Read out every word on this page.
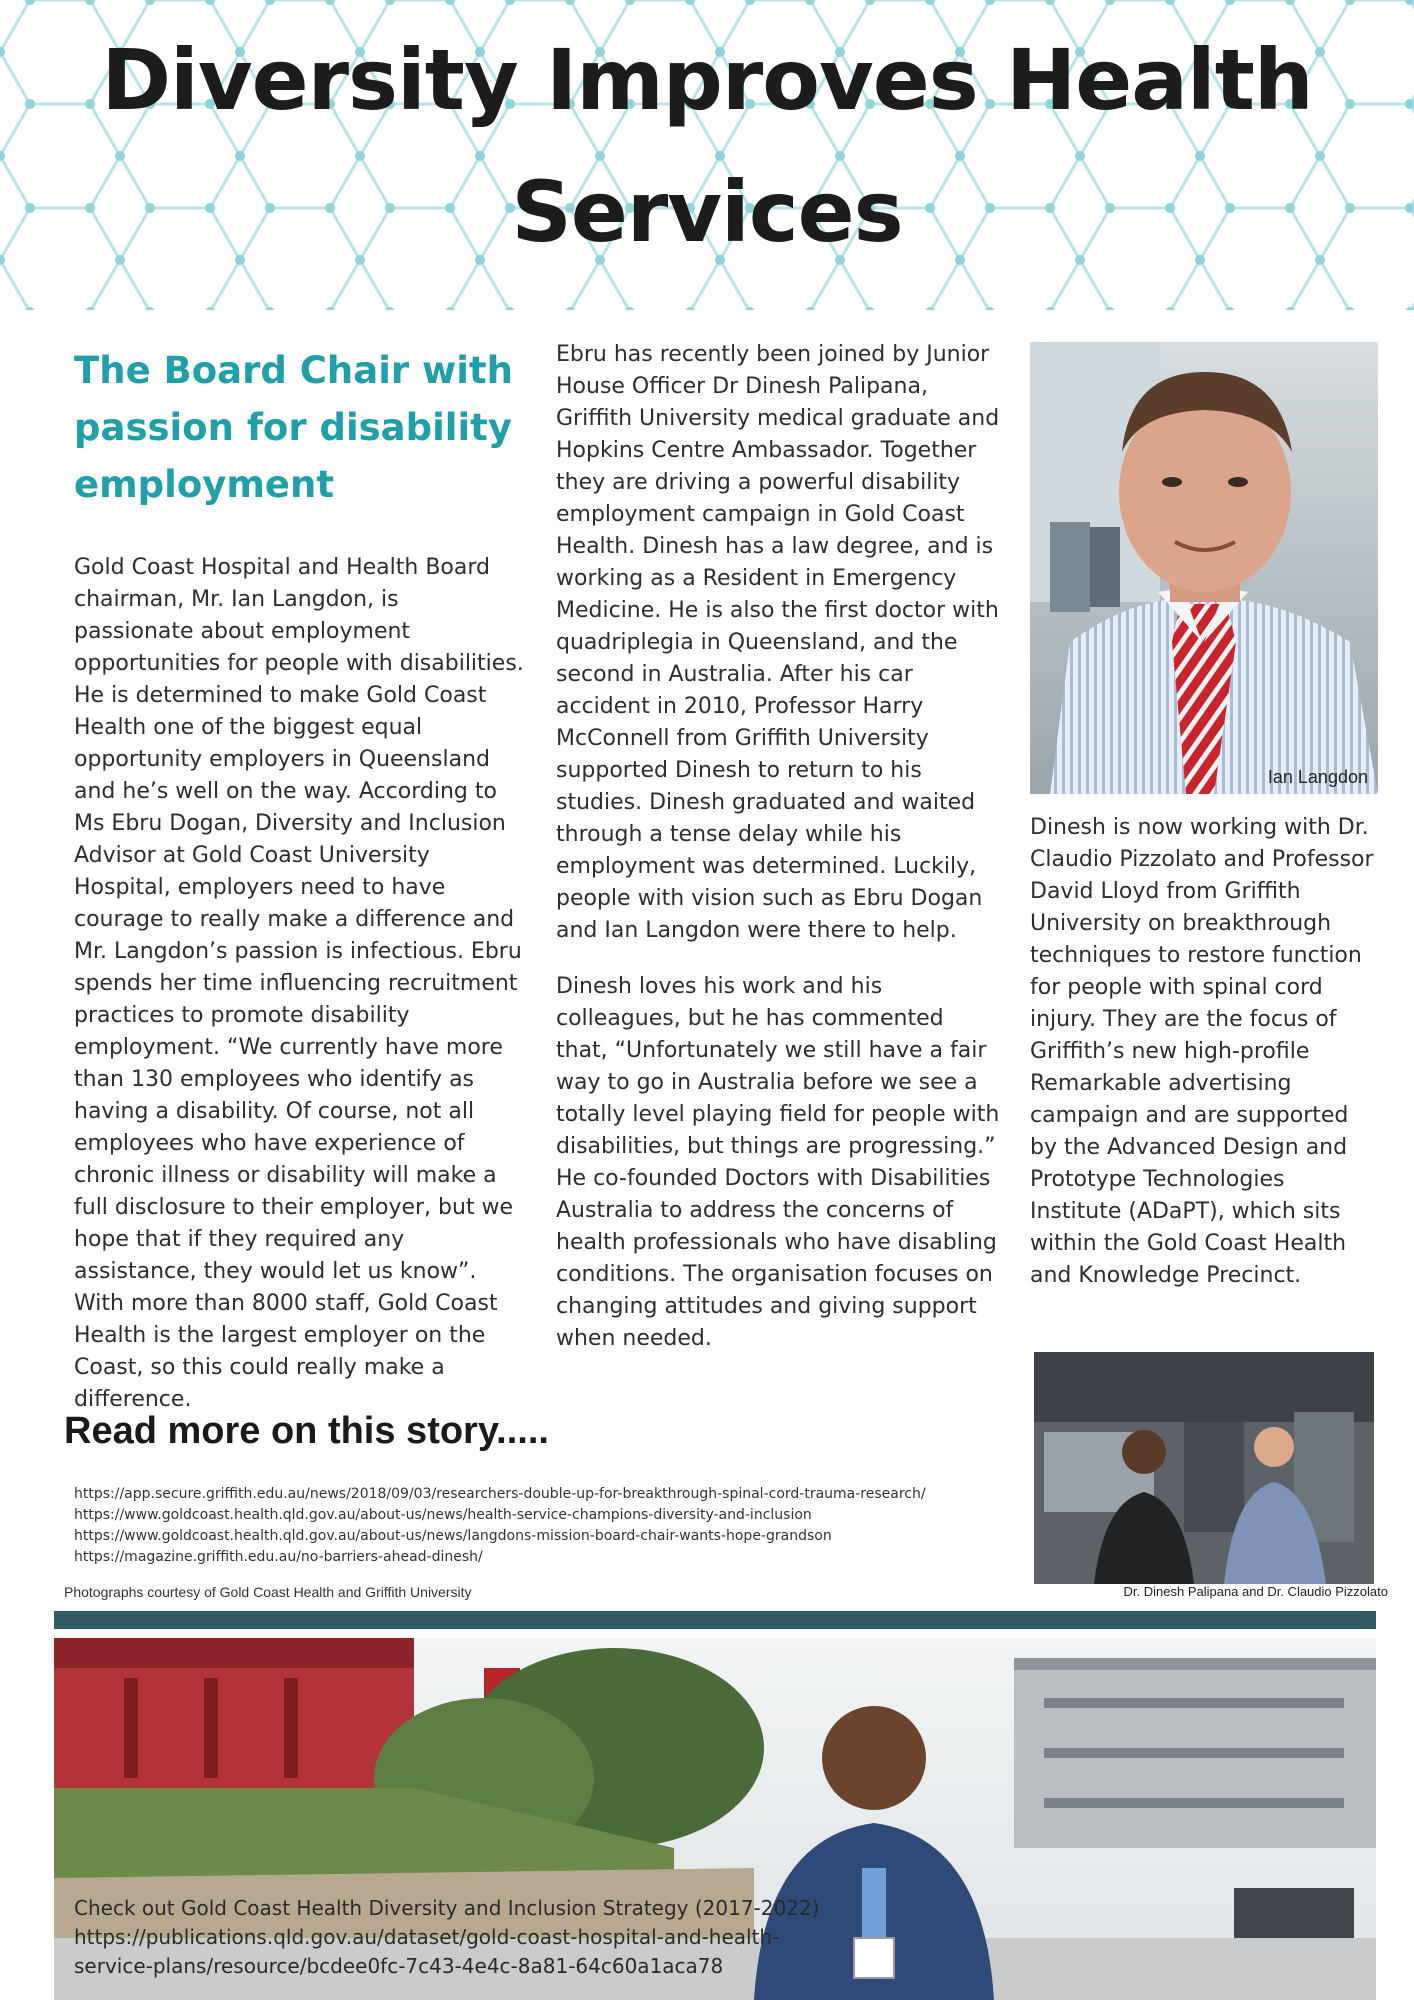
Diversity Improves Health
Services
The Board Chair with passion for disability employment

Gold Coast Hospital and Health Board chairman, Mr. Ian Langdon, is passionate about employment opportunities for people with disabilities. He is determined to make Gold Coast Health one of the biggest equal opportunity employers in Queensland and he’s well on the way. According to Ms Ebru Dogan, Diversity and Inclusion Advisor at Gold Coast University Hospital, employers need to have courage to really make a difference and Mr. Langdon’s passion is infectious. Ebru spends her time influencing recruitment practices to promote disability employment. “We currently have more than 130 employees who identify as having a disability. Of course, not all employees who have experience of chronic illness or disability will make a full disclosure to their employer, but we hope that if they required any assistance, they would let us know”. With more than 8000 staff, Gold Coast Health is the largest employer on the Coast, so this could really make a difference.

Ebru has recently been joined by Junior House Officer Dr Dinesh Palipana, Griffith University medical graduate and Hopkins Centre Ambassador. Together they are driving a powerful disability employment campaign in Gold Coast Health. Dinesh has a law degree, and is working as a Resident in Emergency Medicine. He is also the first doctor with quadriplegia in Queensland, and the second in Australia. After his car accident in 2010, Professor Harry McConnell from Griffith University supported Dinesh to return to his studies. Dinesh graduated and waited through a tense delay while his employment was determined. Luckily, people with vision such as Ebru Dogan and Ian Langdon were there to help.

Dinesh loves his work and his colleagues, but he has commented that, “Unfortunately we still have a fair way to go in Australia before we see a totally level playing field for people with disabilities, but things are progressing.” He co-founded Doctors with Disabilities Australia to address the concerns of health professionals who have disabling conditions. The organisation focuses on changing attitudes and giving support when needed.

Ian Langdon

Dinesh is now working with Dr. Claudio Pizzolato and Professor David Lloyd from Griffith University on breakthrough techniques to restore function for people with spinal cord injury. They are the focus of Griffith’s new high-profile Remarkable advertising campaign and are supported by the Advanced Design and Prototype Technologies Institute (ADaPT), which sits within the Gold Coast Health and Knowledge Precinct.

Read more on this story.....
https://app.secure.griffith.edu.au/news/2018/09/03/researchers-double-up-for-breakthrough-spinal-cord-trauma-research/
https://www.goldcoast.health.qld.gov.au/about-us/news/health-service-champions-diversity-and-inclusion
https://www.goldcoast.health.qld.gov.au/about-us/news/langdons-mission-board-chair-wants-hope-grandson
https://magazine.griffith.edu.au/no-barriers-ahead-dinesh/
Photographs courtesy of Gold Coast Health and Griffith University	Dr. Dinesh Palipana and Dr. Claudio Pizzolato
Check out Gold Coast Health Diversity and Inclusion Strategy (2017-2022)
https://publications.qld.gov.au/dataset/gold-coast-hospital-and-health-
service-plans/resource/bcdee0fc-7c43-4e4c-8a81-64c60a1aca78
